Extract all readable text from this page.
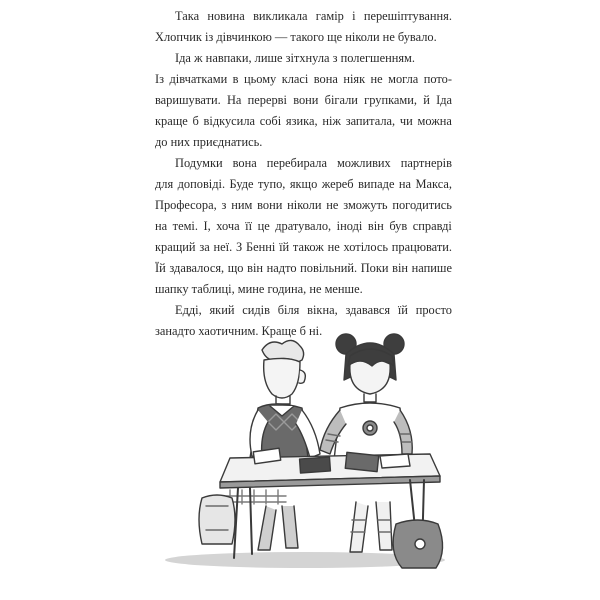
Така новина викликала гамір і перешіптування.
Хлопчик із дівчинкою — такого ще ніколи не бувало.
Іда ж навпаки, лише зітхнула з полегшенням.
Із дівчатками в цьому класі вона ніяк не могла пото-
варишувати. На перерві вони бігали групками, й Іда
краще б відкусила собі язика, ніж запитала, чи можна
до них приєднатись.
Подумки вона перебирала можливих партнерів
для доповіді. Буде тупо, якщо жереб випаде на Макса,
Професора, з ним вони ніколи не зможуть погодитись
на темі. І, хоча її це дратувало, іноді він був справді
кращий за неї. З Бенні їй також не хотілось працювати.
Їй здавалося, що він надто повільний. Поки він напише
шапку таблиці, мине година, не менше.
Едді, який сидів біля вікна, здавався їй просто
занадто хаотичним. Краще б ні.
